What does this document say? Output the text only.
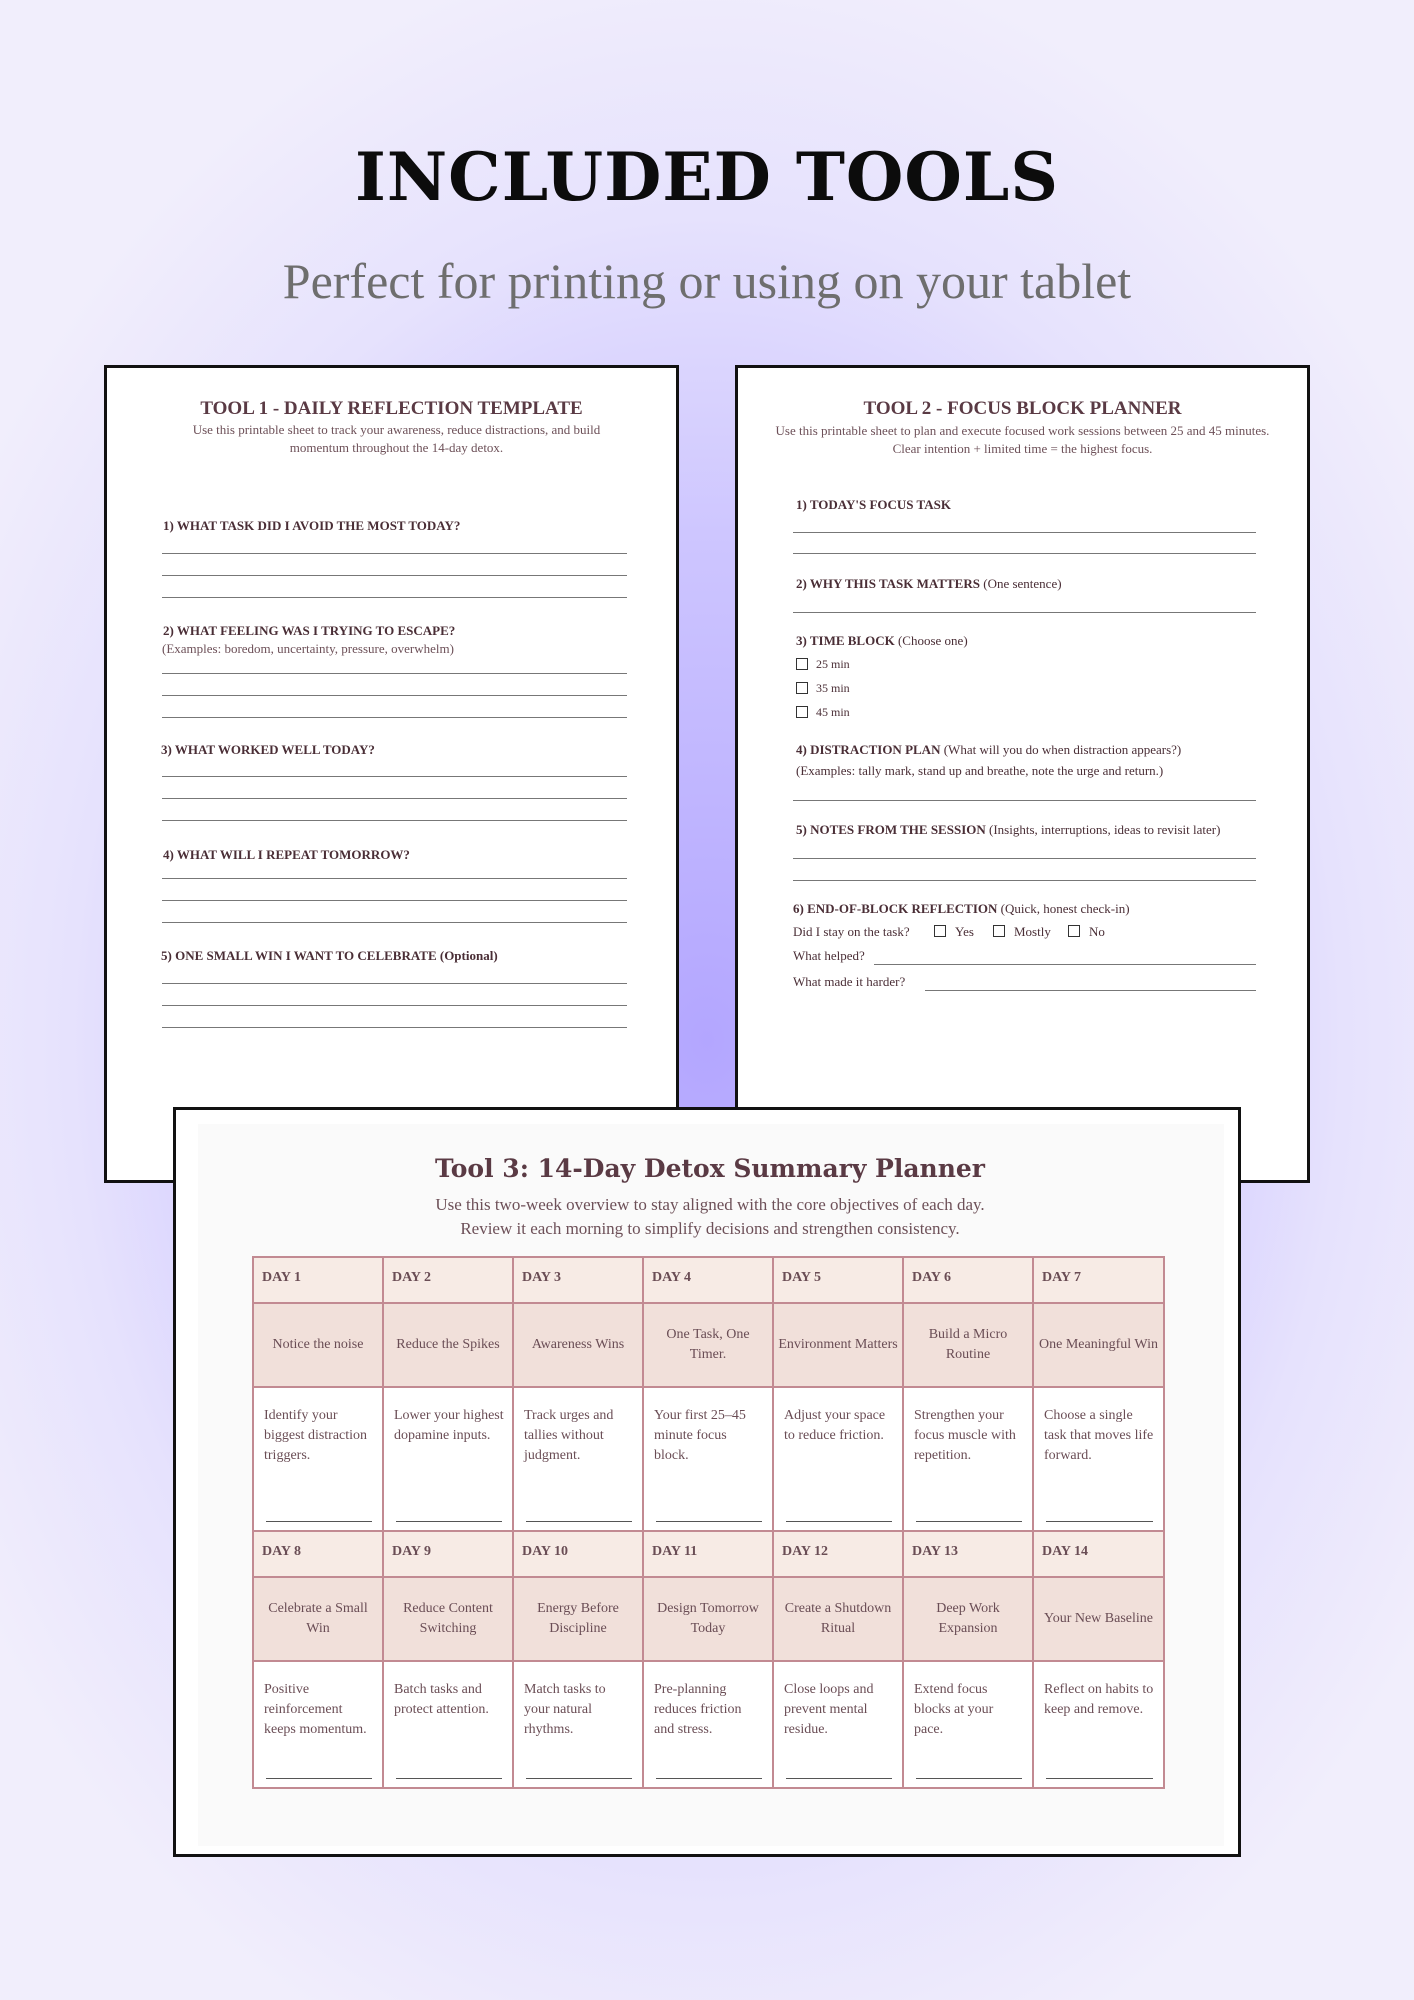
INCLUDED TOOLS
Perfect for printing or using on your tablet
TOOL 1 - DAILY REFLECTION TEMPLATE
Use this printable sheet to track your awareness, reduce distractions, and build
momentum throughout the 14-day detox.
1) WHAT TASK DID I AVOID THE MOST TODAY?
2) WHAT FEELING WAS I TRYING TO ESCAPE?
(Examples: boredom, uncertainty, pressure, overwhelm)
3) WHAT WORKED WELL TODAY?
4) WHAT WILL I REPEAT TOMORROW?
5) ONE SMALL WIN I WANT TO CELEBRATE (Optional)
TOOL 2 - FOCUS BLOCK PLANNER
Use this printable sheet to plan and execute focused work sessions between 25 and 45 minutes.
Clear intention + limited time = the highest focus.
1) TODAY'S FOCUS TASK
2) WHY THIS TASK MATTERS (One sentence)
3) TIME BLOCK (Choose one)
25 min
35 min
45 min
4) DISTRACTION PLAN (What will you do when distraction appears?)
(Examples: tally mark, stand up and breathe, note the urge and return.)
5) NOTES FROM THE SESSION (Insights, interruptions, ideas to revisit later)
6) END-OF-BLOCK REFLECTION (Quick, honest check-in)
Did I stay on the task?	Yes	Mostly	No
What helped?
What made it harder?
Tool 3: 14-Day Detox Summary Planner
Use this two-week overview to stay aligned with the core objectives of each day.
Review it each morning to simplify decisions and strengthen consistency.
DAY 1	DAY 2	DAY 3	DAY 4	DAY 5	DAY 6	DAY 7
Notice the noise	Reduce the Spikes	Awareness Wins	One Task, One Timer.	Environment Matters	Build a Micro Routine	One Meaningful Win

Identify your biggest distraction triggers.	Lower your highest dopamine inputs.	Track urges and tallies without judgment.	Your first 25–45 minute focus block.	Adjust your space to reduce friction.	Strengthen your focus muscle with repetition.	Choose a single task that moves life forward.

DAY 8	DAY 9	DAY 10	DAY 11	DAY 12	DAY 13	DAY 14
Celebrate a Small Win	Reduce Content Switching	Energy Before Discipline	Design Tomorrow Today	Create a Shutdown Ritual	Deep Work Expansion	Your New Baseline

Positive reinforcement keeps momentum.	Batch tasks and protect attention.	Match tasks to your natural rhythms.	Pre-planning reduces friction and stress.	Close loops and prevent mental residue.	Extend focus blocks at your pace.	Reflect on habits to keep and remove.
